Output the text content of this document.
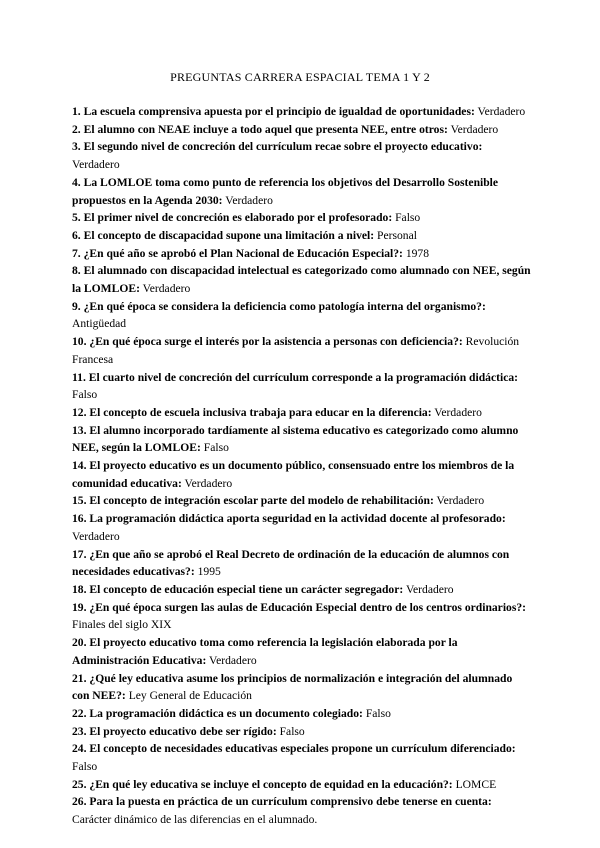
PREGUNTAS CARRERA ESPACIAL TEMA 1 Y 2

1. La escuela comprensiva apuesta por el principio de igualdad de oportunidades: Verdadero

2. El alumno con NEAE incluye a todo aquel que presenta NEE, entre otros: Verdadero

3. El segundo nivel de concreción del currículum recae sobre el proyecto educativo: Verdadero

4. La LOMLOE toma como punto de referencia los objetivos del Desarrollo Sostenible propuestos en la Agenda 2030: Verdadero

5. El primer nivel de concreción es elaborado por el profesorado: Falso

6. El concepto de discapacidad supone una limitación a nivel: Personal

7. ¿En qué año se aprobó el Plan Nacional de Educación Especial?: 1978

8. El alumnado con discapacidad intelectual es categorizado como alumnado con NEE, según la LOMLOE: Verdadero

9. ¿En qué época se considera la deficiencia como patología interna del organismo?: Antigüedad

10. ¿En qué época surge el interés por la asistencia a personas con deficiencia?: Revolución Francesa

11. El cuarto nivel de concreción del currículum corresponde a la programación didáctica: Falso

12. El concepto de escuela inclusiva trabaja para educar en la diferencia: Verdadero

13. El alumno incorporado tardíamente al sistema educativo es categorizado como alumno NEE, según la LOMLOE: Falso

14. El proyecto educativo es un documento público, consensuado entre los miembros de la comunidad educativa: Verdadero

15. El concepto de integración escolar parte del modelo de rehabilitación: Verdadero

16. La programación didáctica aporta seguridad en la actividad docente al profesorado: Verdadero

17. ¿En que año se aprobó el Real Decreto de ordinación de la educación de alumnos con necesidades educativas?: 1995

18. El concepto de educación especial tiene un carácter segregador: Verdadero

19. ¿En qué época surgen las aulas de Educación Especial dentro de los centros ordinarios?: Finales del siglo XIX

20. El proyecto educativo toma como referencia la legislación elaborada por la Administración Educativa: Verdadero

21. ¿Qué ley educativa asume los principios de normalización e integración del alumnado con NEE?: Ley General de Educación

22. La programación didáctica es un documento colegiado: Falso

23. El proyecto educativo debe ser rígido: Falso

24. El concepto de necesidades educativas especiales propone un currículum diferenciado: Falso

25. ¿En qué ley educativa se incluye el concepto de equidad en la educación?: LOMCE

26. Para la puesta en práctica de un currículum comprensivo debe tenerse en cuenta: Carácter dinámico de las diferencias en el alumnado.
